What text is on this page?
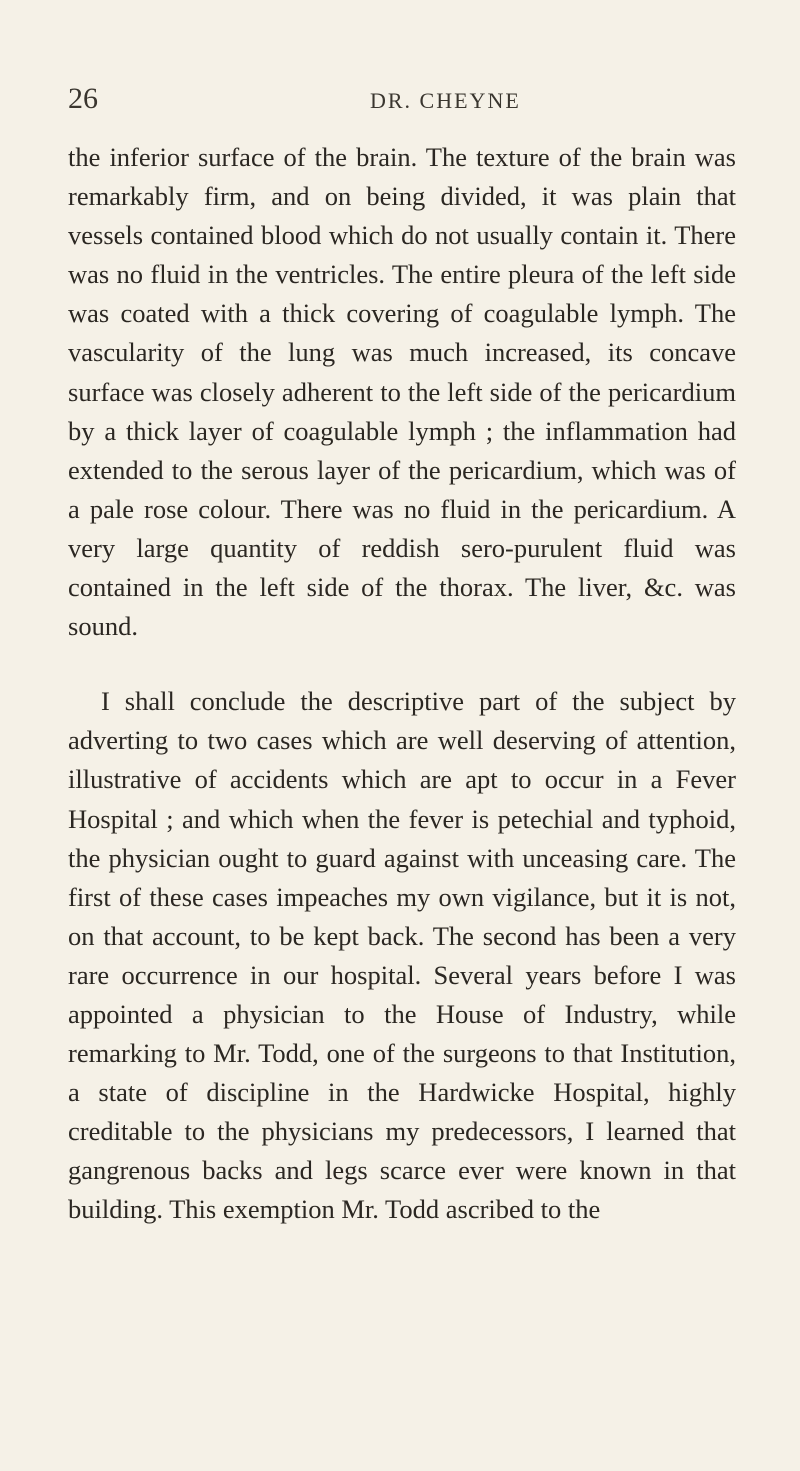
26	DR. CHEYNE

the inferior surface of the brain. The texture of the brain was remarkably firm, and on being divided, it was plain that vessels contained blood which do not usually contain it. There was no fluid in the ventricles. The entire pleura of the left side was coated with a thick covering of coagulable lymph. The vascularity of the lung was much increased, its concave surface was closely adherent to the left side of the pericardium by a thick layer of coagulable lymph ; the inflammation had extended to the serous layer of the pericardium, which was of a pale rose colour. There was no fluid in the pericardium. A very large quantity of reddish sero-purulent fluid was contained in the left side of the thorax. The liver, &c. was sound.

I shall conclude the descriptive part of the subject by adverting to two cases which are well deserving of attention, illustrative of accidents which are apt to occur in a Fever Hospital ; and which when the fever is petechial and typhoid, the physician ought to guard against with unceasing care. The first of these cases impeaches my own vigilance, but it is not, on that account, to be kept back. The second has been a very rare occurrence in our hospital. Several years before I was appointed a physician to the House of Industry, while remarking to Mr. Todd, one of the surgeons to that Institution, a state of discipline in the Hardwicke Hospital, highly creditable to the physicians my predecessors, I learned that gangrenous backs and legs scarce ever were known in that building. This exemption Mr. Todd ascribed to the
